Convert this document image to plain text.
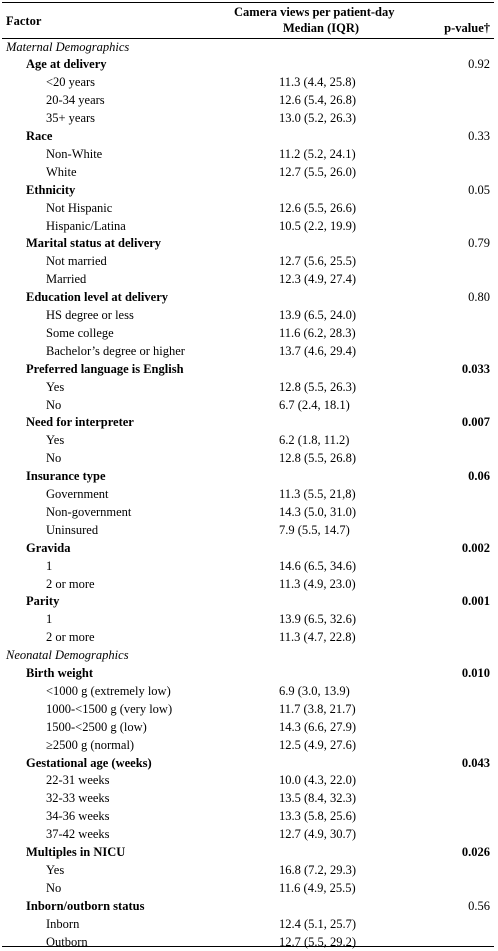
Factor
Camera views per patient-day
Median (IQR)	p-value†
Maternal Demographics
Age at delivery	0.92
<20 years	11.3 (4.4, 25.8)
20-34 years	12.6 (5.4, 26.8)
35+ years	13.0 (5.2, 26.3)
Race	0.33
Non-White	11.2 (5.2, 24.1)
White	12.7 (5.5, 26.0)
Ethnicity	0.05
Not Hispanic	12.6 (5.5, 26.6)
Hispanic/Latina	10.5 (2.2, 19.9)
Marital status at delivery	0.79
Not married	12.7 (5.6, 25.5)
Married	12.3 (4.9, 27.4)
Education level at delivery	0.80
HS degree or less	13.9 (6.5, 24.0)
Some college	11.6 (6.2, 28.3)
Bachelor’s degree or higher	13.7 (4.6, 29.4)
Preferred language is English	0.033
Yes	12.8 (5.5, 26.3)
No	6.7 (2.4, 18.1)
Need for interpreter	0.007
Yes	6.2 (1.8, 11.2)
No	12.8 (5.5, 26.8)
Insurance type	0.06
Government	11.3 (5.5, 21,8)
Non-government	14.3 (5.0, 31.0)
Uninsured	7.9 (5.5, 14.7)
Gravida	0.002
1	14.6 (6.5, 34.6)
2 or more	11.3 (4.9, 23.0)
Parity	0.001
1	13.9 (6.5, 32.6)
2 or more	11.3 (4.7, 22.8)
Neonatal Demographics
Birth weight	0.010
<1000 g (extremely low)	6.9 (3.0, 13.9)
1000-<1500 g (very low)	11.7 (3.8, 21.7)
1500-<2500 g (low)	14.3 (6.6, 27.9)
≥2500 g (normal)	12.5 (4.9, 27.6)
Gestational age (weeks)	0.043
22-31 weeks	10.0 (4.3, 22.0)
32-33 weeks	13.5 (8.4, 32.3)
34-36 weeks	13.3 (5.8, 25.6)
37-42 weeks	12.7 (4.9, 30.7)
Multiples in NICU	0.026
Yes	16.8 (7.2, 29.3)
No	11.6 (4.9, 25.5)
Inborn/outborn status	0.56
Inborn	12.4 (5.1, 25.7)
Outborn	12.7 (5.5, 29.2)
